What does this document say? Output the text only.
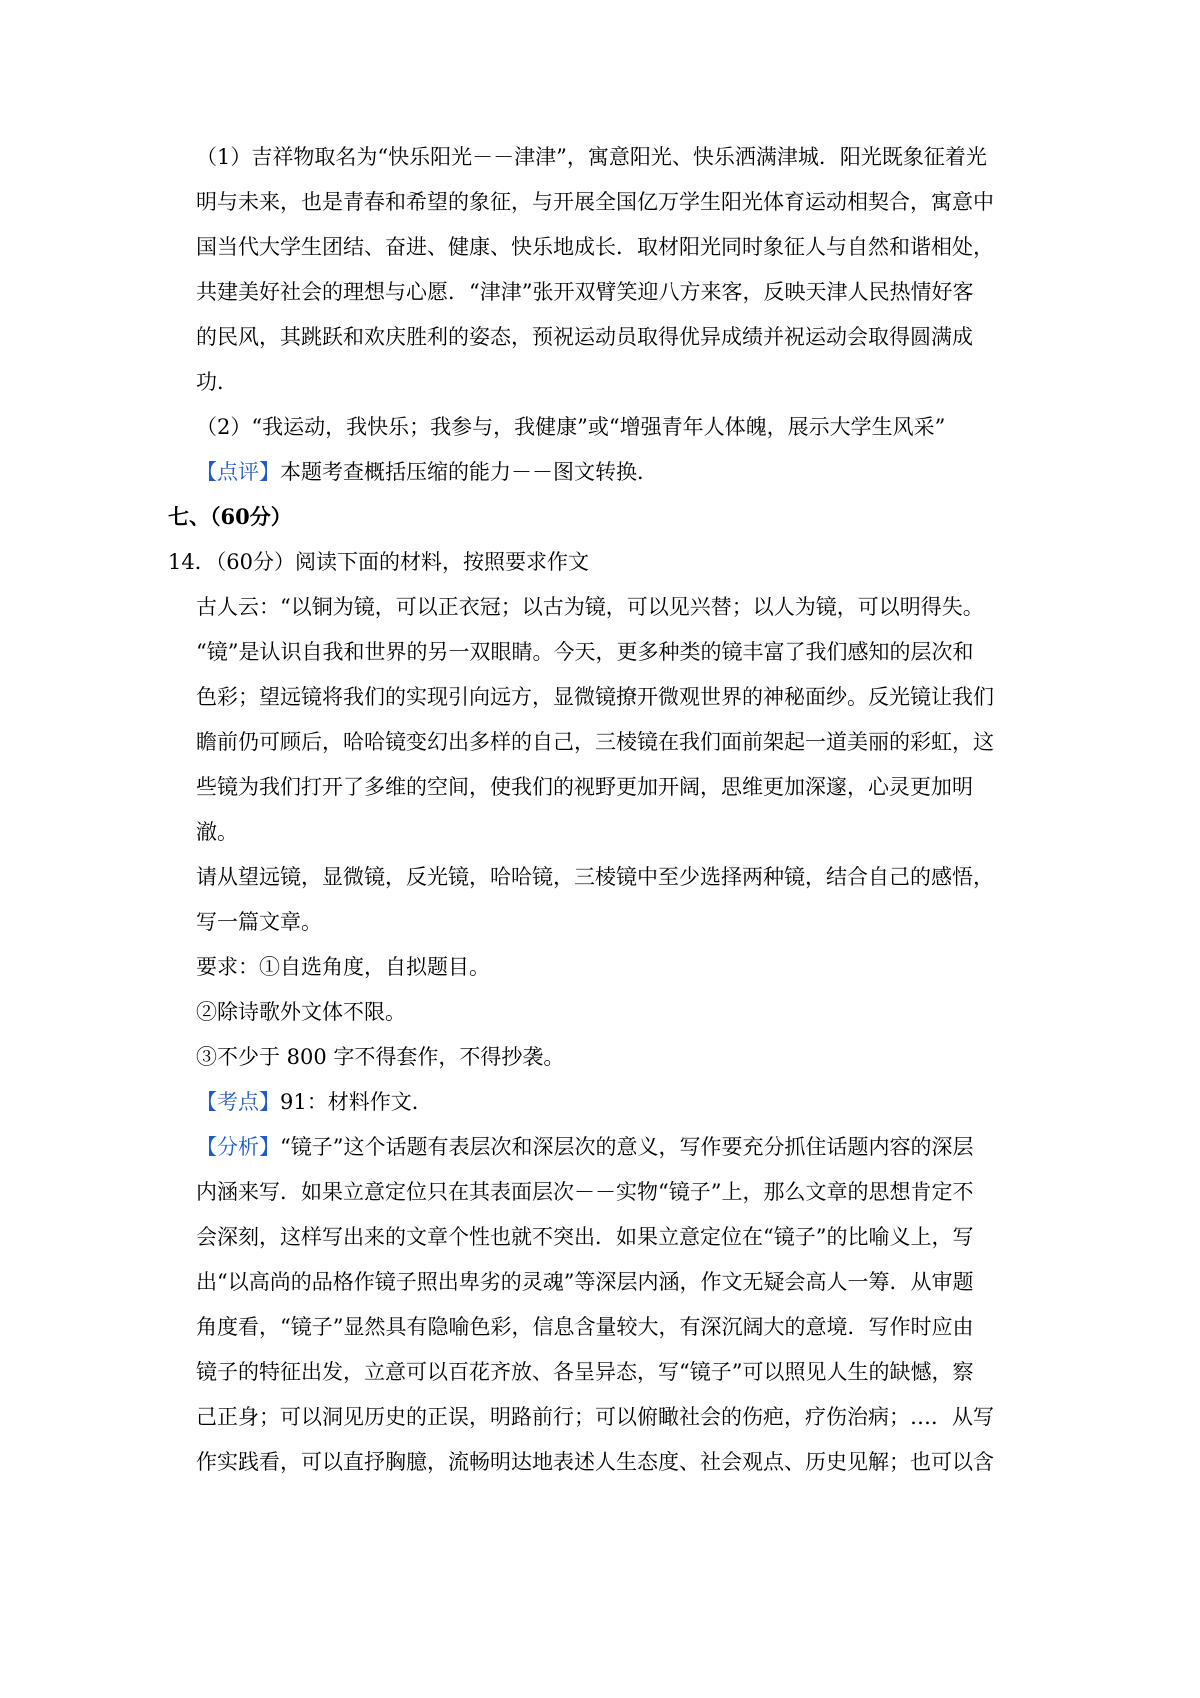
（1）吉祥物取名为“快乐阳光－－津津”，寓意阳光、快乐洒满津城．阳光既象征着光
明与未来，也是青春和希望的象征，与开展全国亿万学生阳光体育运动相契合，寓意中
国当代大学生团结、奋进、健康、快乐地成长．取材阳光同时象征人与自然和谐相处，
共建美好社会的理想与心愿．“津津”张开双臂笑迎八方来客，反映天津人民热情好客
的民风，其跳跃和欢庆胜利的姿态，预祝运动员取得优异成绩并祝运动会取得圆满成
功．
（2）“我运动，我快乐；我参与，我健康”或“增强青年人体魄，展示大学生风采”
【点评】本题考查概括压缩的能力－－图文转换．
七、（60分）
14．（60分）阅读下面的材料，按照要求作文
古人云：“以铜为镜，可以正衣冠；以古为镜，可以见兴替；以人为镜，可以明得失。
“镜”是认识自我和世界的另一双眼睛。今天，更多种类的镜丰富了我们感知的层次和
色彩；望远镜将我们的实现引向远方，显微镜撩开微观世界的神秘面纱。反光镜让我们
瞻前仍可顾后，哈哈镜变幻出多样的自己，三棱镜在我们面前架起一道美丽的彩虹，这
些镜为我们打开了多维的空间，使我们的视野更加开阔，思维更加深邃，心灵更加明
澈。
请从望远镜，显微镜，反光镜，哈哈镜，三棱镜中至少选择两种镜，结合自己的感悟，
写一篇文章。
要求：①自选角度，自拟题目。
②除诗歌外文体不限。
③不少于 800 字不得套作，不得抄袭。
【考点】91：材料作文．
【分析】“镜子”这个话题有表层次和深层次的意义，写作要充分抓住话题内容的深层
内涵来写．如果立意定位只在其表面层次－－实物“镜子”上，那么文章的思想肯定不
会深刻，这样写出来的文章个性也就不突出．如果立意定位在“镜子”的比喻义上，写
出“以高尚的品格作镜子照出卑劣的灵魂”等深层内涵，作文无疑会高人一筹．从审题
角度看，“镜子”显然具有隐喻色彩，信息含量较大，有深沉阔大的意境．写作时应由
镜子的特征出发，立意可以百花齐放、各呈异态，写“镜子”可以照见人生的缺憾，察
己正身；可以洞见历史的正误，明路前行；可以俯瞰社会的伤疤，疗伤治病；…．从写
作实践看，可以直抒胸臆，流畅明达地表述人生态度、社会观点、历史见解；也可以含
